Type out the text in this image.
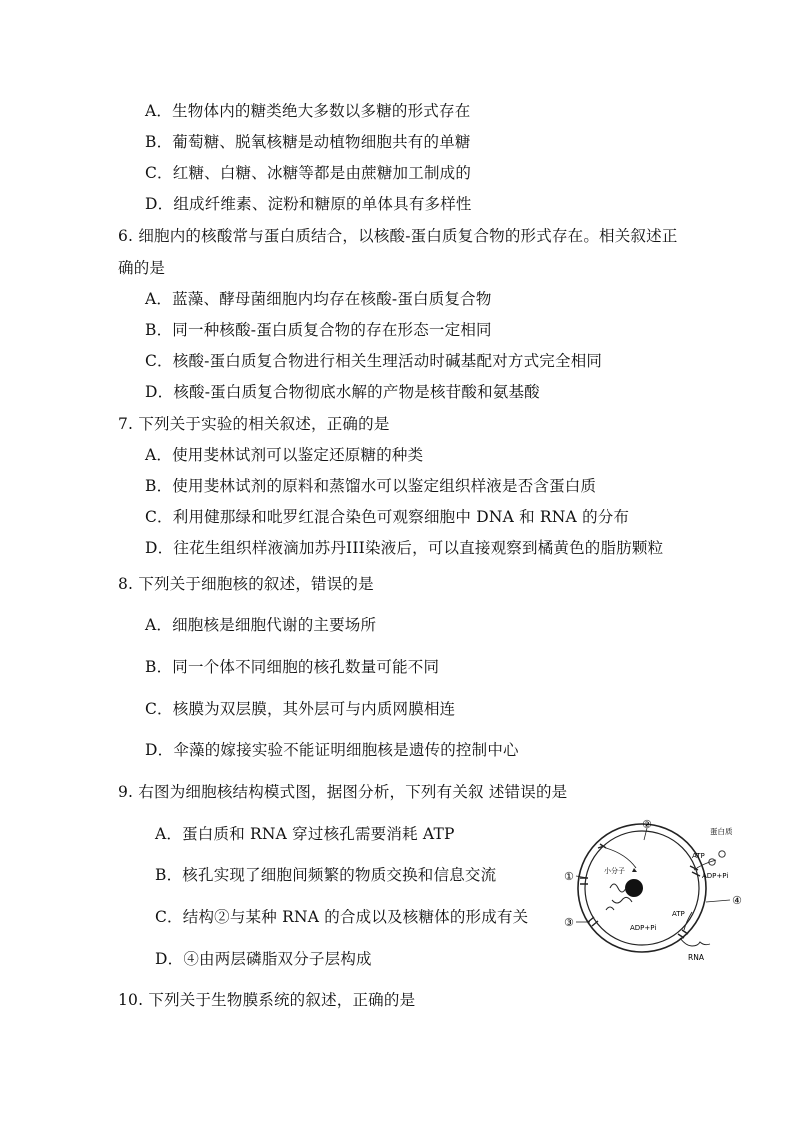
A．生物体内的糖类绝大多数以多糖的形式存在
B．葡萄糖、脱氧核糖是动植物细胞共有的单糖
C．红糖、白糖、冰糖等都是由蔗糖加工制成的
D．组成纤维素、淀粉和糖原的单体具有多样性
6. 细胞内的核酸常与蛋白质结合，以核酸-蛋白质复合物的形式存在。相关叙述正
确的是
A．蓝藻、酵母菌细胞内均存在核酸-蛋白质复合物
B．同一种核酸-蛋白质复合物的存在形态一定相同
C．核酸-蛋白质复合物进行相关生理活动时碱基配对方式完全相同
D．核酸-蛋白质复合物彻底水解的产物是核苷酸和氨基酸
7. 下列关于实验的相关叙述，正确的是
A．使用斐林试剂可以鉴定还原糖的种类
B．使用斐林试剂的原料和蒸馏水可以鉴定组织样液是否含蛋白质
C．利用健那绿和吡罗红混合染色可观察细胞中 DNA 和 RNA 的分布
D．往花生组织样液滴加苏丹III染液后，可以直接观察到橘黄色的脂肪颗粒
8. 下列关于细胞核的叙述，错误的是
A．细胞核是细胞代谢的主要场所
B．同一个体不同细胞的核孔数量可能不同
C．核膜为双层膜，其外层可与内质网膜相连
D．伞藻的嫁接实验不能证明细胞核是遗传的控制中心
9. 右图为细胞核结构模式图，据图分析，下列有关叙 述错误的是
A．蛋白质和 RNA 穿过核孔需要消耗 ATP
B．核孔实现了细胞间频繁的物质交换和信息交流
C．结构②与某种 RNA 的合成以及核糖体的形成有关
D．④由两层磷脂双分子层构成
②
①
③
④
蛋白质
ATP
ADP+Pi
小分子
ATP
ADP+Pi
RNA
10. 下列关于生物膜系统的叙述，正确的是
